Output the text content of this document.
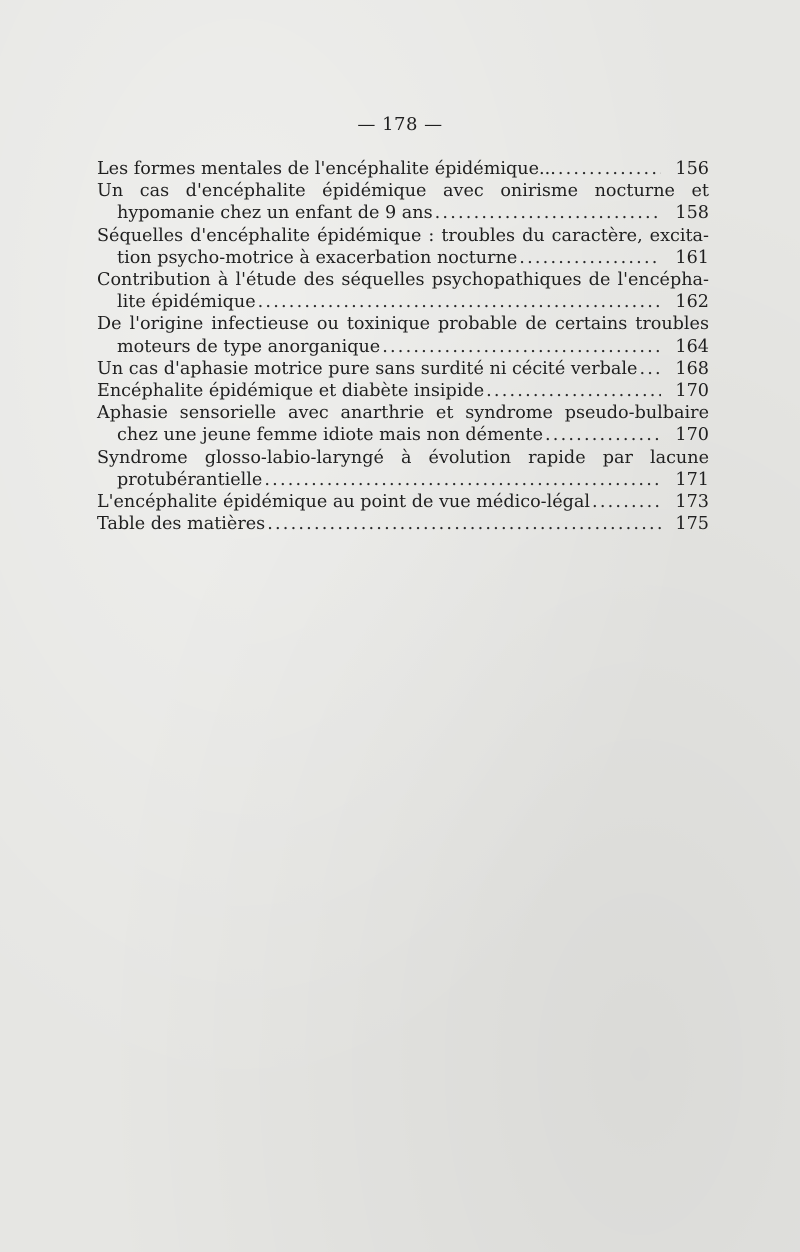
— 178 —
Les formes mentales de l'encéphalite épidémique... .....	156
Un cas d'encéphalite épidémique avec onirisme nocturne et
hypomanie chez un enfant de 9 ans .....	158
Séquelles d'encéphalite épidémique : troubles du caractère, excita-
tion psycho-motrice à exacerbation nocturne .....	161
Contribution à l'étude des séquelles psychopathiques de l'encépha-
lite épidémique .....	162
De l'origine infectieuse ou toxinique probable de certains troubles
moteurs de type anorganique .....	164
Un cas d'aphasie motrice pure sans surdité ni cécité verbale .....	168
Encéphalite épidémique et diabète insipide .....	170
Aphasie sensorielle avec anarthrie et syndrome pseudo-bulbaire
chez une jeune femme idiote mais non démente .....	170
Syndrome glosso-labio-laryngé à évolution rapide par lacune
protubérantielle .....	171
L'encéphalite épidémique au point de vue médico-légal .....	173
Table des matières .....	175
